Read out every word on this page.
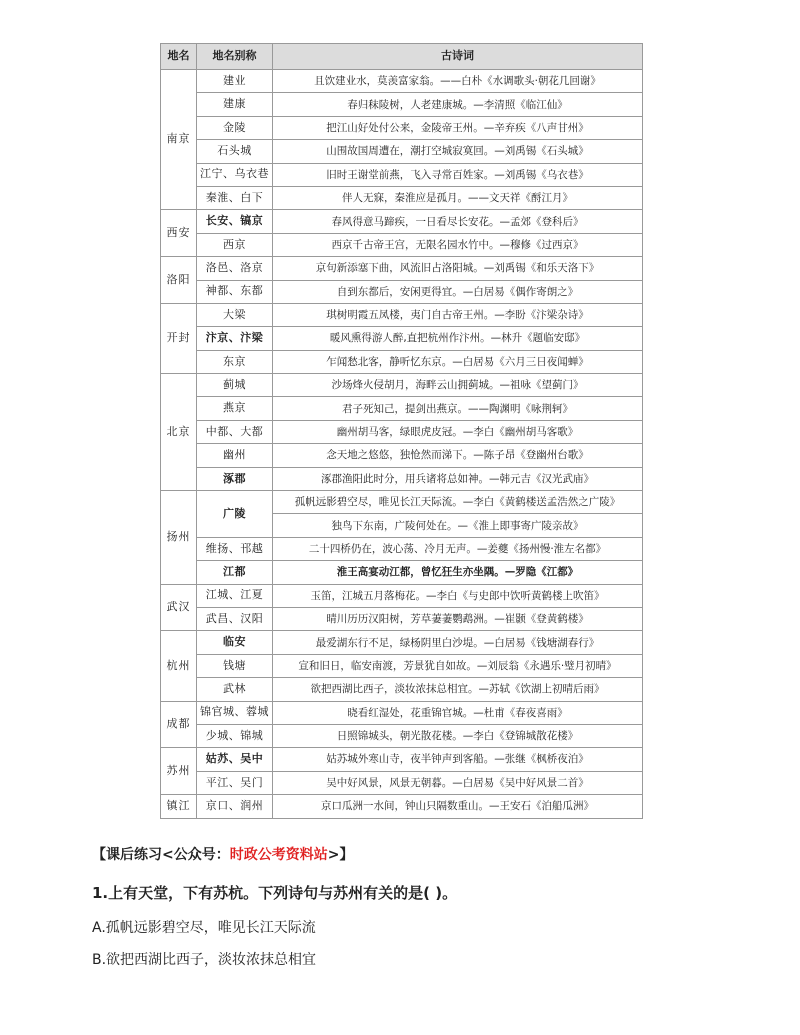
地名	地名别称	古诗词
南京	建业	且饮建业水，莫羡富家翁。——白朴《水调歌头·朝花几回谢》
	建康	春归秣陵树，人老建康城。—李清照《临江仙》
	金陵	把江山好处付公来，金陵帝王州。—辛弃疾《八声甘州》
	石头城	山围故国周遭在，潮打空城寂寞回。—刘禹锡《石头城》
	江宁、乌衣巷	旧时王谢堂前燕，飞入寻常百姓家。—刘禹锡《乌衣巷》
	秦淮、白下	伴人无寐，秦淮应是孤月。——文天祥《酹江月》
西安	长安、镐京	春风得意马蹄疾，一日看尽长安花。—孟郊《登科后》
	西京	西京千古帝王宫，无限名园水竹中。—穆修《过西京》
洛阳	洛邑、洛京	京句新添塞下曲，风流旧占洛阳城。—刘禹锡《和乐天洛下》
	神都、东都	自到东都后，安闲更得宜。—白居易《偶作寄朗之》
开封	大梁	琪树明霞五凤楼，夷门自古帝王州。—李盼《汴梁杂诗》
	汴京、汴梁	暖风熏得游人醉,直把杭州作汴州。—林升《题临安邸》
	东京	乍闻愁北客，静听忆东京。—白居易《六月三日夜闻蝉》
北京	蓟城	沙场烽火侵胡月，海畔云山拥蓟城。—祖咏《望蓟门》
	燕京	君子死知己，提剑出燕京。——陶渊明《咏荆轲》
	中都、大都	幽州胡马客，绿眼虎皮冠。—李白《幽州胡马客歌》
	幽州	念天地之悠悠，独怆然而涕下。—陈子昂《登幽州台歌》
	涿郡	涿郡渔阳此时分，用兵诸将总如神。—韩元吉《汉光武庙》
扬州	广陵	孤帆远影碧空尽，唯见长江天际流。—李白《黄鹤楼送孟浩然之广陵》
		独鸟下东南，广陵何处在。—《淮上即事寄广陵亲故》
	维扬、邗越	二十四桥仍在，波心荡、冷月无声。—姜夔《扬州慢·淮左名都》
	江都	淮王高宴动江都，曾忆狂生亦坐隅。—罗隐《江都》
武汉	江城、江夏	玉笛，江城五月落梅花。—李白《与史郎中饮听黄鹤楼上吹笛》
	武昌、汉阳	晴川历历汉阳树，芳草萋萋鹦鹉洲。—崔颢《登黄鹤楼》
杭州	临安	最爱湖东行不足，绿杨阴里白沙堤。—白居易《钱塘湖春行》
	钱塘	宣和旧日，临安南渡，芳景犹自如故。—刘辰翁《永遇乐·璧月初晴》
	武林	欲把西湖比西子，淡妆浓抹总相宜。—苏轼《饮湖上初晴后雨》
成都	锦官城、蓉城	晓看红湿处，花重锦官城。—杜甫《春夜喜雨》
	少城、锦城	日照锦城头，朝光散花楼。—李白《登锦城散花楼》
苏州	姑苏、吴中	姑苏城外寒山寺，夜半钟声到客船。—张继《枫桥夜泊》
	平江、吴门	吴中好风景，风景无朝暮。—白居易《吴中好风景二首》
镇江	京口、润州	京口瓜洲一水间，钟山只隔数重山。—王安石《泊船瓜洲》
【课后练习<公众号：时政公考资料站>】
1.上有天堂，下有苏杭。下列诗句与苏州有关的是( )。
A.孤帆远影碧空尽，唯见长江天际流
B.欲把西湖比西子，淡妆浓抹总相宜
